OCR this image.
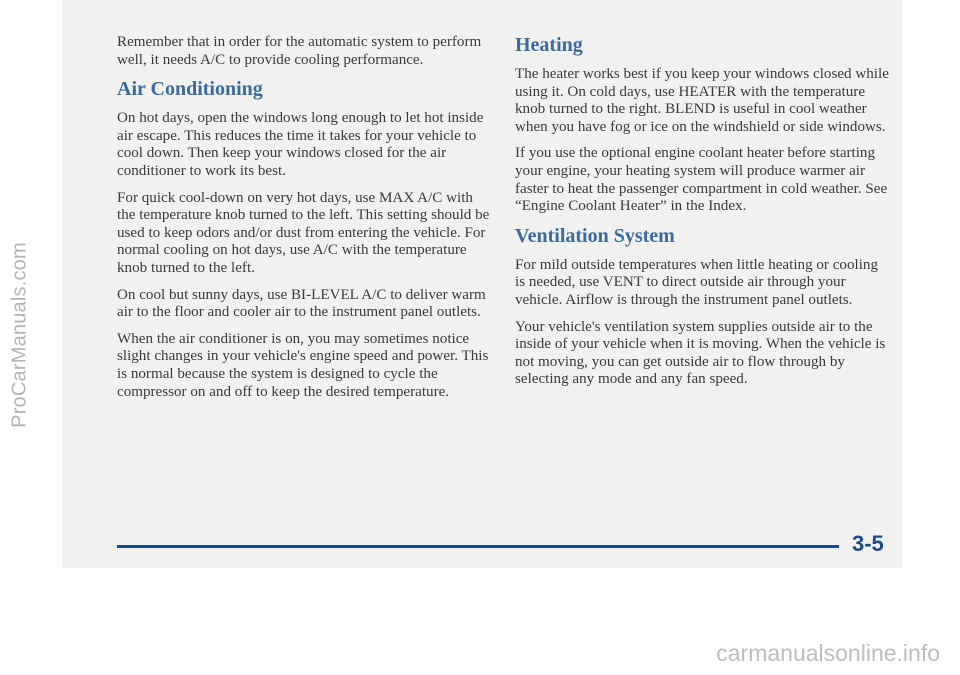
ProCarManuals.com

Remember that in order for the automatic system to perform well, it needs A/C to provide cooling performance.

Air Conditioning

On hot days, open the windows long enough to let hot inside air escape. This reduces the time it takes for your vehicle to cool down. Then keep your windows closed for the air conditioner to work its best.

For quick cool-down on very hot days, use MAX A/C with the temperature knob turned to the left. This setting should be used to keep odors and/or dust from entering the vehicle. For normal cooling on hot days, use A/C with the temperature knob turned to the left.

On cool but sunny days, use BI-LEVEL A/C to deliver warm air to the floor and cooler air to the instrument panel outlets.

When the air conditioner is on, you may sometimes notice slight changes in your vehicle's engine speed and power. This is normal because the system is designed to cycle the compressor on and off to keep the desired temperature.

Heating

The heater works best if you keep your windows closed while using it. On cold days, use HEATER with the temperature knob turned to the right. BLEND is useful in cool weather when you have fog or ice on the windshield or side windows.

If you use the optional engine coolant heater before starting your engine, your heating system will produce warmer air faster to heat the passenger compartment in cold weather. See “Engine Coolant Heater” in the Index.

Ventilation System

For mild outside temperatures when little heating or cooling is needed, use VENT to direct outside air through your vehicle. Airflow is through the instrument panel outlets.

Your vehicle's ventilation system supplies outside air to the inside of your vehicle when it is moving. When the vehicle is not moving, you can get outside air to flow through by selecting any mode and any fan speed.

3-5
carmanualsonline.info
